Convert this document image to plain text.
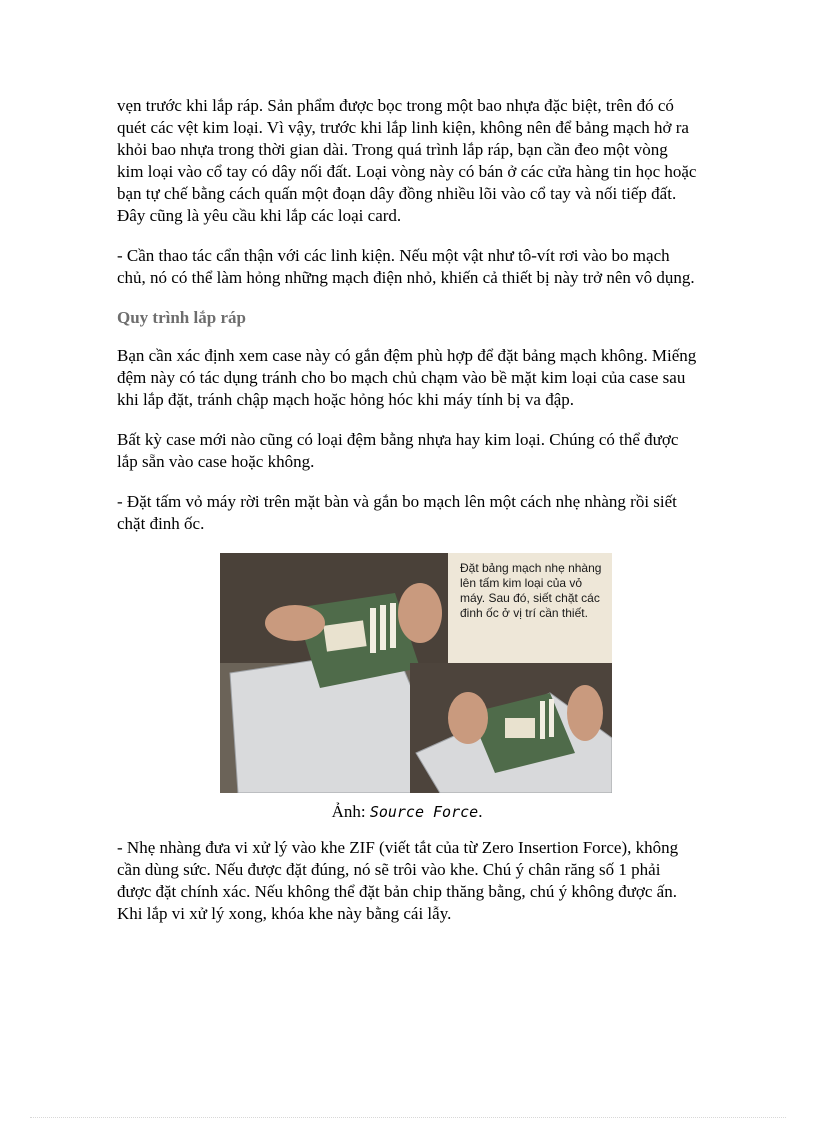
vẹn trước khi lắp ráp. Sản phẩm được bọc trong một bao nhựa đặc biệt, trên đó có quét các vệt kim loại. Vì vậy, trước khi lắp linh kiện, không nên để bảng mạch hở ra khỏi bao nhựa trong thời gian dài. Trong quá trình lắp ráp, bạn cần đeo một vòng kim loại vào cổ tay có dây nối đất. Loại vòng này có bán ở các cửa hàng tin học hoặc bạn tự chế bằng cách quấn một đoạn dây đồng nhiều lõi vào cổ tay và nối tiếp đất. Đây cũng là yêu cầu khi lắp các loại card.

- Cần thao tác cẩn thận với các linh kiện. Nếu một vật như tô-vít rơi vào bo mạch chủ, nó có thể làm hỏng những mạch điện nhỏ, khiến cả thiết bị này trở nên vô dụng.

Quy trình lắp ráp

Bạn cần xác định xem case này có gắn đệm phù hợp để đặt bảng mạch không. Miếng đệm này có tác dụng tránh cho bo mạch chủ chạm vào bề mặt kim loại của case sau khi lắp đặt, tránh chập mạch hoặc hỏng hóc khi máy tính bị va đập.

Bất kỳ case mới nào cũng có loại đệm bằng nhựa hay kim loại. Chúng có thể được lắp sẵn vào case hoặc không.

- Đặt tấm vỏ máy rời trên mặt bàn và gắn bo mạch lên một cách nhẹ nhàng rồi siết chặt đinh ốc.

Đặt bảng mạch nhẹ nhàng lên tấm kim loại của vỏ máy. Sau đó, siết chặt các đinh ốc ở vị trí cần thiết.
Ảnh: Source Force.

- Nhẹ nhàng đưa vi xử lý vào khe ZIF (viết tắt của từ Zero Insertion Force), không cần dùng sức. Nếu được đặt đúng, nó sẽ trôi vào khe. Chú ý chân răng số 1 phải được đặt chính xác. Nếu không thể đặt bản chip thăng bằng, chú ý không được ấn. Khi lắp vi xử lý xong, khóa khe này bằng cái lẫy.
